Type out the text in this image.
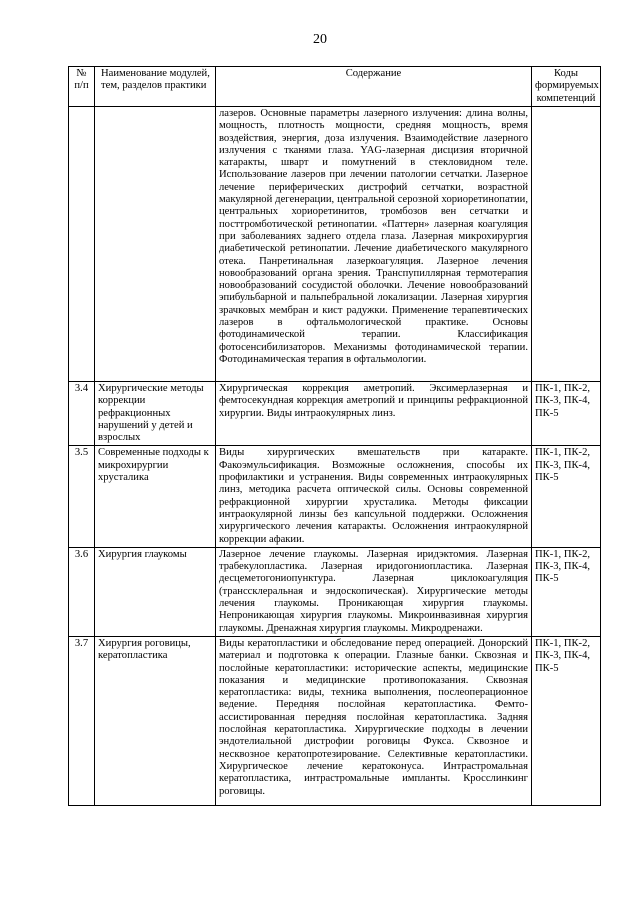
20
№ п/п	Наименование модулей, тем, разделов практики	Содержание	Коды формируемых компетенций
		лазеров. Основные параметры лазерного излучения: длина волны, мощность, плотность мощности, средняя мощность, время воздействия, энергия, доза излучения. Взаимодействие лазерного излучения с тканями глаза. YAG-лазерная дисцизия вторичной катаракты, шварт и помутнений в стекловидном теле. Использование лазеров при лечении патологии сетчатки. Лазерное лечение периферических дистрофий сетчатки, возрастной макулярной дегенерации, центральной серозной хориоретинопатии, центральных хориоретинитов, тромбозов вен сетчатки и посттромботической ретинопатии. «Паттерн» лазерная коагуляция при заболеваниях заднего отдела глаза. Лазерная микрохирургия диабетической ретинопатии. Лечение диабетического макулярного отека. Панретинальная лазеркоагуляция. Лазерное лечения новообразований органа зрения. Транспупиллярная термотерапия новообразований сосудистой оболочки. Лечение новообразований эпибульбарной и пальпебральной локализации. Лазерная хирургия зрачковых мембран и кист радужки. Применение терапевтических лазеров в офтальмологической практике. Основы фотодинамической терапии. Классификация фотосенсибилизаторов. Механизмы фотодинамической терапии. Фотодинамическая терапия в офтальмологии.	
3.4	Хирургические методы коррекции рефракционных нарушений у детей и взрослых	Хирургическая коррекция аметропий. Эксимерлазерная и фемтосекундная коррекция аметропий и принципы рефракционной хирургии. Виды интраокулярных линз.	ПК-1, ПК-2, ПК-3, ПК-4, ПК-5
3.5	Современные подходы к микрохирургии хрусталика	Виды хирургических вмешательств при катаракте. Факоэмульсификация. Возможные осложнения, способы их профилактики и устранения. Виды современных интраокулярных линз, методика расчета оптической силы. Основы современной рефракционной хирургии хрусталика. Методы фиксации интраокулярной линзы без капсульной поддержки. Осложнения хирургического лечения катаракты. Осложнения интраокулярной коррекции афакии.	ПК-1, ПК-2, ПК-3, ПК-4, ПК-5
3.6	Хирургия глаукомы	Лазерное лечение глаукомы. Лазерная иридэктомия. Лазерная трабекулопластика. Лазерная иридогониопластика. Лазерная десцеметогониопунктура. Лазерная циклокоагуляция (транссклеральная и эндоскопическая). Хирургические методы лечения глаукомы. Проникающая хирургия глаукомы. Непроникающая хирургия глаукомы. Микроинвазивная хирургия глаукомы. Дренажная хирургия глаукомы. Микродренажи.	ПК-1, ПК-2, ПК-3, ПК-4, ПК-5
3.7	Хирургия роговицы, кератопластика	Виды кератопластики и обследование перед операцией. Донорский материал и подготовка к операции. Глазные банки. Сквозная и послойные кератопластики: исторические аспекты, медицинские показания и медицинские противопоказания. Сквозная кератопластика: виды, техника выполнения, послеоперационное ведение. Передняя послойная кератопластика. Фемто-ассистированная передняя послойная кератопластика. Задняя послойная кератопластика. Хирургические подходы в лечении эндотелиальной дистрофии роговицы Фукса. Сквозное и несквозное кератопротезирование. Селективные кератопластики. Хирургическое лечение кератоконуса. Интрастромальная кератопластика, интрастромальные импланты. Кросслинкинг роговицы.	ПК-1, ПК-2, ПК-3, ПК-4, ПК-5
